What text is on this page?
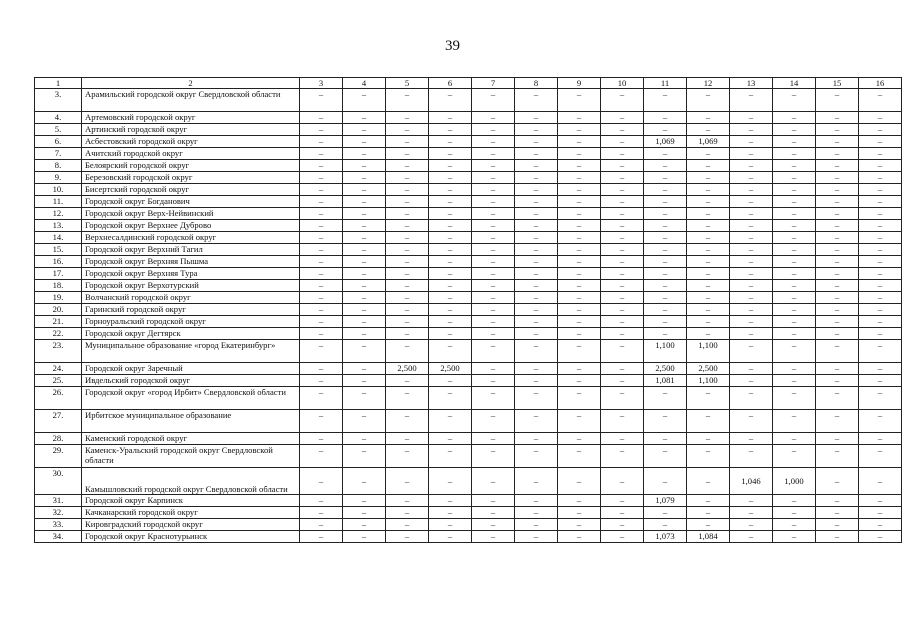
39
1	2	3	4	5	6	7	8	9	10	11	12	13	14	15	16
3.	Арамильский городской округ Свердловской области	–	–	–	–	–	–	–	–	–	–	–	–	–	–
4.	Артемовский городской округ	–	–	–	–	–	–	–	–	–	–	–	–	–	–
5.	Артинский городской округ	–	–	–	–	–	–	–	–	–	–	–	–	–	–
6.	Асбестовский городской округ	–	–	–	–	–	–	–	–	1,069	1,069	–	–	–	–
7.	Ачитский городской округ	–	–	–	–	–	–	–	–	–	–	–	–	–	–
8.	Белоярский городской округ	–	–	–	–	–	–	–	–	–	–	–	–	–	–
9.	Березовский городской округ	–	–	–	–	–	–	–	–	–	–	–	–	–	–
10.	Бисертский городской округ	–	–	–	–	–	–	–	–	–	–	–	–	–	–
11.	Городской округ Богданович	–	–	–	–	–	–	–	–	–	–	–	–	–	–
12.	Городской округ Верх-Нейвинский	–	–	–	–	–	–	–	–	–	–	–	–	–	–
13.	Городской округ Верхнее Дуброво	–	–	–	–	–	–	–	–	–	–	–	–	–	–
14.	Верхнесалдинский городской округ	–	–	–	–	–	–	–	–	–	–	–	–	–	–
15.	Городской округ Верхний Тагил	–	–	–	–	–	–	–	–	–	–	–	–	–	–
16.	Городской округ Верхняя Пышма	–	–	–	–	–	–	–	–	–	–	–	–	–	–
17.	Городской округ Верхняя Тура	–	–	–	–	–	–	–	–	–	–	–	–	–	–
18.	Городской округ Верхотурский	–	–	–	–	–	–	–	–	–	–	–	–	–	–
19.	Волчанский городской округ	–	–	–	–	–	–	–	–	–	–	–	–	–	–
20.	Гаринский городской округ	–	–	–	–	–	–	–	–	–	–	–	–	–	–
21.	Горноуральский городской округ	–	–	–	–	–	–	–	–	–	–	–	–	–	–
22.	Городской округ Дегтярск	–	–	–	–	–	–	–	–	–	–	–	–	–	–
23.	Муниципальное образование «город Екатеринбург»	–	–	–	–	–	–	–	–	1,100	1,100	–	–	–	–
24.	Городской округ Заречный	–	–	2,500	2,500	–	–	–	–	2,500	2,500	–	–	–	–
25.	Ивдельский городской округ	–	–	–	–	–	–	–	–	1,081	1,100	–	–	–	–
26.	Городской округ «город Ирбит» Свердловской области	–	–	–	–	–	–	–	–	–	–	–	–	–	–
27.	Ирбитское муниципальное образование	–	–	–	–	–	–	–	–	–	–	–	–	–	–
28.	Каменский городской округ	–	–	–	–	–	–	–	–	–	–	–	–	–	–
29.	Каменск-Уральский городской округ Свердловской области	–	–	–	–	–	–	–	–	–	–	–	–	–	–
30.	Камышловский городской округ Свердловской области	–	–	–	–	–	–	–	–	–	–	1,046	1,000	–	–
31.	Городской округ Карпинск	–	–	–	–	–	–	–	–	1,079	–	–	–	–	–
32.	Качканарский городской округ	–	–	–	–	–	–	–	–	–	–	–	–	–	–
33.	Кировградский городской округ	–	–	–	–	–	–	–	–	–	–	–	–	–	–
34.	Городской округ Краснотурьинск	–	–	–	–	–	–	–	–	1,073	1,084	–	–	–	–
